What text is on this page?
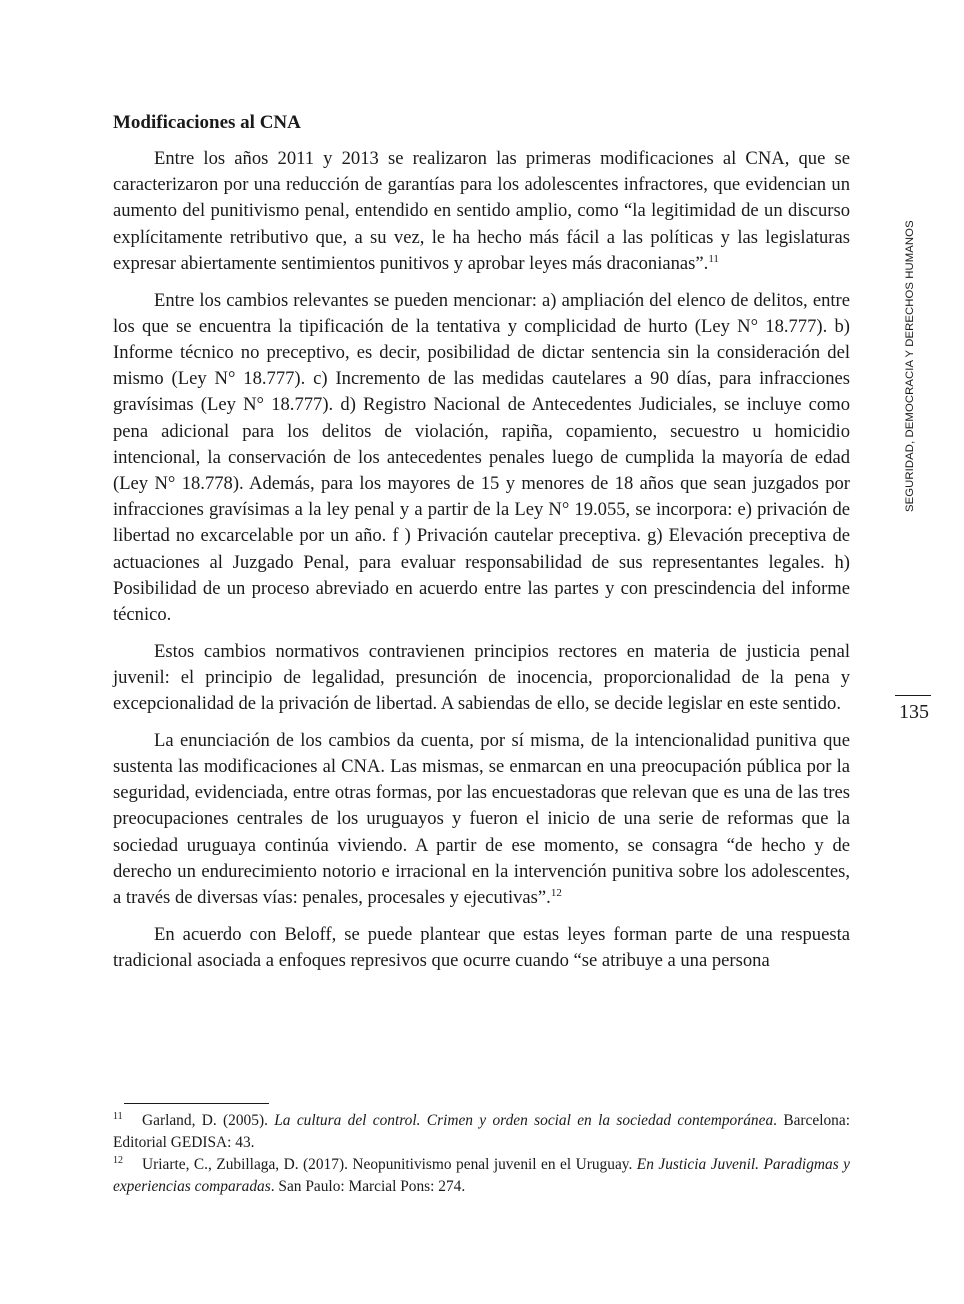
Modificaciones al CNA

Entre los años 2011 y 2013 se realizaron las primeras modificaciones al CNA, que se caracterizaron por una reducción de garantías para los adolescentes infractores, que evidencian un aumento del punitivismo penal, entendido en sentido amplio, como “la legitimidad de un discurso explícitamente retributivo que, a su vez, le ha hecho más fácil a las políticas y las legislaturas expresar abiertamente sentimientos punitivos y aprobar leyes más draconianas”.$^{11}$

Entre los cambios relevantes se pueden mencionar: a) ampliación del elenco de delitos, entre los que se encuentra la tipificación de la tentativa y complicidad de hurto (Ley N° 18.777). b) Informe técnico no preceptivo, es decir, posibilidad de dictar sentencia sin la consideración del mismo (Ley N° 18.777). c) Incremento de las medidas cautelares a 90 días, para infracciones gravísimas (Ley N° 18.777). d) Registro Nacional de Antecedentes Judiciales, se incluye como pena adicional para los delitos de violación, rapiña, copamiento, secuestro u homicidio intencional, la conservación de los antecedentes penales luego de cumplida la mayoría de edad (Ley N° 18.778). Además, para los mayores de 15 y menores de 18 años que sean juzgados por infracciones gravísimas a la ley penal y a partir de la Ley N° 19.055, se incorpora: e) privación de libertad no excarcelable por un año. f ) Privación cautelar preceptiva. g) Elevación preceptiva de actuaciones al Juzgado Penal, para evaluar responsabilidad de sus representantes legales. h) Posibilidad de un proceso abreviado en acuerdo entre las partes y con prescindencia del informe técnico.

Estos cambios normativos contravienen principios rectores en materia de justicia penal juvenil: el principio de legalidad, presunción de inocencia, proporcionalidad de la pena y excepcionalidad de la privación de libertad. A sabiendas de ello, se decide legislar en este sentido.

La enunciación de los cambios da cuenta, por sí misma, de la intencionalidad punitiva que sustenta las modificaciones al CNA. Las mismas, se enmarcan en una preocupación pública por la seguridad, evidenciada, entre otras formas, por las encuestadoras que relevan que es una de las tres preocupaciones centrales de los uruguayos y fueron el inicio de una serie de reformas que la sociedad uruguaya continúa viviendo. A partir de ese momento, se consagra “de hecho y de derecho un endurecimiento notorio e irracional en la intervención punitiva sobre los adolescentes, a través de diversas vías: penales, procesales y ejecutivas”.$^{12}$

En acuerdo con Beloff, se puede plantear que estas leyes forman parte de una respuesta tradicional asociada a enfoques represivos que ocurre cuando “se atribuye a una persona

SEGURIDAD, DEMOCRACIA Y DERECHOS HUMANOS
135

11 Garland, D. (2005). La cultura del control. Crimen y orden social en la sociedad contemporánea. Barcelona: Editorial GEDISA: 43.

12 Uriarte, C., Zubillaga, D. (2017). Neopunitivismo penal juvenil en el Uruguay. En Justicia Juvenil. Paradigmas y experiencias comparadas. San Paulo: Marcial Pons: 274.
